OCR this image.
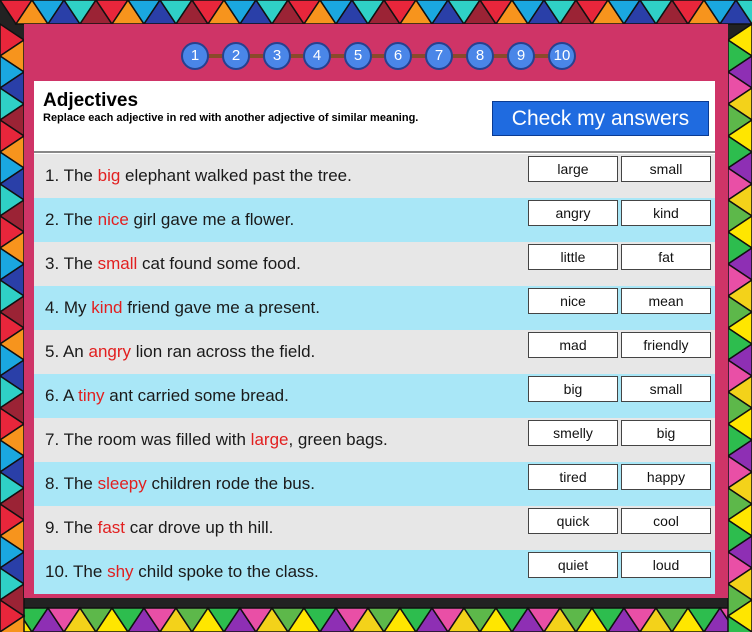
1	2	3	4	5	6	7	8	9	10
Adjectives
Replace each adjective in red with another adjective of similar meaning.	Check my answers
1. The big elephant walked past the tree.	large	small
2. The nice girl gave me a flower.	angry	kind
3. The small cat found some food.	little	fat
4. My kind friend gave me a present.	nice	mean
5. An angry lion ran across the field.	mad	friendly
6. A tiny ant carried some bread.	big	small
7. The room was filled with large, green bags.	smelly	big
8. The sleepy children rode the bus.	tired	happy
9. The fast car drove up th hill.	quick	cool
10. The shy child spoke to the class.	quiet	loud
